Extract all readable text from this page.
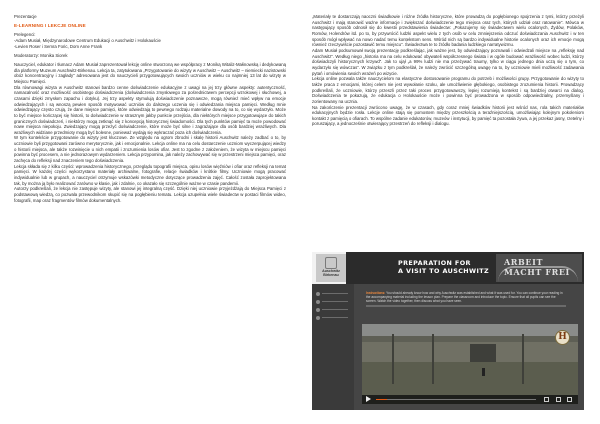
Prezentacje

E-LEARNING I LEKCJE ONLINE

Prelegenci:

-Adam Musiał, Międzynarodowe Centrum Edukacji o Auschwitz i Holokauście

-Levien Roser i Semra Foric, Dom Anne Frank

Moderatorzy: Monika Siorek

Nauczyciel, edukator i tłumacz Adam Musiał zaprezentował lekcję online stworzoną we współpracy z Moniką Witaliz-Małinowską i dedykowaną dla platformy Muzeum Auschwitz-Birkenau. Lekcja ta, zatytułowana „Przygotowanie do wizyty w Auschwitz – Auschwitz – niemiecki nazistowski obóz koncentracyjny i zagłady” adresowana jest do nauczycieli przygotowujących swoich uczniów w wieku co najmniej 13 lat do wizyty w Miejscu Pamięci.

Dla równowagi wizyta w Auschwitz stanowi bardzo cenne doświadczenie edukacyjne z uwagi na jej trzy główne aspekty: autentyczność, namacalność oraz możliwość osobistego doświadczenia (doświadczenia zmysłowego za pośrednictwem percepcji wzrokowej i słuchowej, a czasami dzięki zmysłom zapachu i dotyku). Jej trzy aspekty stymulują doświadczenie poznawcze, mogą również mieć wpływ na emocje odwiedzających i są wnoszą pewien sposób motywować uczniów do dalszego uczenia się i odwiedzania miejsca pamięci. Według mnie odwiedzający często czują, że dane miejsce pamięci, które odwiedzają to pewnego rodzaju materialne dowody na to, co się wydarzyło. Może to być miejsce kończącej się historii, to doświadczenie w strasznym jakby punkcie przejścia, dla niektórych miejsce przygotowujące do takich granicznych doświadczeń, i niektórzy mogą zetknąć się z koncepcją historycznej świadomości. Dla tych punktów pamięć ta może powodować nowe miejsca niepokoju. Zwiedzający mogą przeżyć doświadczenie, które może być silne i zagrażające dla osób bardziej wrażliwych. Dla wrażliwych widziane przedmioty mogą być bolesne, ponieważ wydają się wykraczać poza ich doświadczenia.

W tym kontekście przygotowanie do wizyty jest kluczowe. Ze względu na ogrom zbrodni i skalę historii Auschwitz należy zadbać o to, by uczniowie byli przygotowani zarówno merytorycznie, jak i emocjonalnie. Lekcja online ma na celu dostarczenie uczniom wyczerpującej wiedzy o historii miejsca, ale także rozwinięcie u nich empatii i zrozumienia losów ofiar. Jest to zgodne z założeniem, że wizyta w miejscu pamięci powinna być procesem, a nie jednorazowym wydarzeniem. Lekcja przypomina, jak należy zachowywać się w przestrzeni miejsca pamięci, oraz zachęca do refleksji nad znaczeniem tego doświadczenia.

Lekcja składa się z kilku części: wprowadzenia historycznego, przeglądu topografii miejsca, opisu losów więźniów i ofiar oraz refleksji na temat pamięci. W każdej części wykorzystano materiały archiwalne, fotografie, relacje świadków i krótkie filmy. Uczniowie mogą pracować indywidualnie lub w grupach, a nauczyciel otrzymuje wskazówki metodyczne dotyczące prowadzenia zajęć. Całość została zaprojektowana tak, by można ją było realizować zarówno w klasie, jak i zdalnie, co okazało się szczególnie ważne w czasie pandemii.

Autorzy podkreślali, że lekcja nie zastępuje wizyty, ale stanowi jej integralną część. Dzięki niej uczniowie przyjeżdżają do Miejsca Pamięci z podstawową wiedzą, co pozwala przewodnikom skupić się na pogłębieniu tematu. Lekcja uzupełnia wiele świadectw w postaci filmów wideo, fotografii, map oraz fragmentów filmów dokumentalnych.

„Materiały te dostarczają naoczni świadkowie i różne źródła historyczne, które prowadzą do pogłębionego spojrzenia z tymi, którzy przeżyli Auschwitz i mają stanowić ważne informacje i zwiększać doświadczenie tego miejsca oraz tych, których udział oraz ratowanie”. Mówca w następujący sposób odnosił się do kwestii przedstawienia świadectw: „Pokazujemy się świadectwem wielu ocalonych, Żydów, Polaków, Romów, Holendrów itd. po to, by przywrócić ludzki aspekt wielu z tych osób w celu zmniejszenia odczuć doświadczania Auschwitz i w ten sposób mógł wpływać na nowo nadać temu kontekstom sens. Wśród nich są bardzo indywidualne historie ocalonych oraz ich emocje mogą również rzeczywiście pozostawić temu miejscu”. Świadectwa te to źródło badania ludzkiego narratywizmu.

Adam Musiał podsumował swoją prezentację podkreślając, jak ważne jest, by odwiedzający poznawali i odwiedzali miejsce na „refleksję nad Auschwitz”. Według niego „historia ma na celu edukować obywateli współczesnego świata i w ogóle budować wrażliwość wobec ludzi, którzy doświadczyli historycznych krzywd”. Jak to ujął „a 99% ludzi nie ma przeżywać traumy, tylko w ciągu jednego dnia uczą się o tym, co wydarzyło się wówczas”. W związku z tym podkreślał, że należy zwrócić szczególną uwagę na to, by uczniowie mieli możliwość zadawania pytań i omówienia swoich wrażeń po wizycie.

Lekcja online pozwala także nauczycielom na elastyczne dostosowanie programu do potrzeb i możliwości grupy. Przygotowanie do wizyty to także praca z emocjami, której celem nie jest wywołanie szoku, ale umożliwienie głębokiego, osobistego zrozumienia historii. Prowadzący podkreślali, że uczniowie, którzy przeszli przez taki proces przygotowawczy, lepiej rozumieją kontekst i są bardziej otwarci na dialog. Doświadczenia te pokazują, że edukacja o Holokauście może i powinna być prowadzona w sposób odpowiedzialny, przemyślany i zorientowany na ucznia.

Na zakończenie prezentacji zwrócono uwagę, że w czasach, gdy coraz mniej świadków historii jest wśród nas, rola takich materiałów edukacyjnych będzie rosła. Lekcje online stają się pomostem między przeszłością a teraźniejszością, umożliwiając kolejnym pokoleniom kontakt z pamięcią o ofiarach. To wspólne zadanie edukatorów, muzeów i instytucji, by pamięć ta pozostała żywa, a jej przekaz jasny, rzetelny i poruszający, a jednocześnie otwierający przestrzeń do refleksji i dialogu.

Auschwitz Birkenau
PREPARATION FOR
A VISIT TO AUSCHWITZ
ARBEIT MACHT FREI
Instructions: You should already know how and why Auschwitz was established and what it was used for. You can continue your reading in the accompanying material including the lesson plan. Prepare the classroom and introduce the topic. Ensure that all pupils can see the screen. Watch the video together, then discuss what you have seen.
H
